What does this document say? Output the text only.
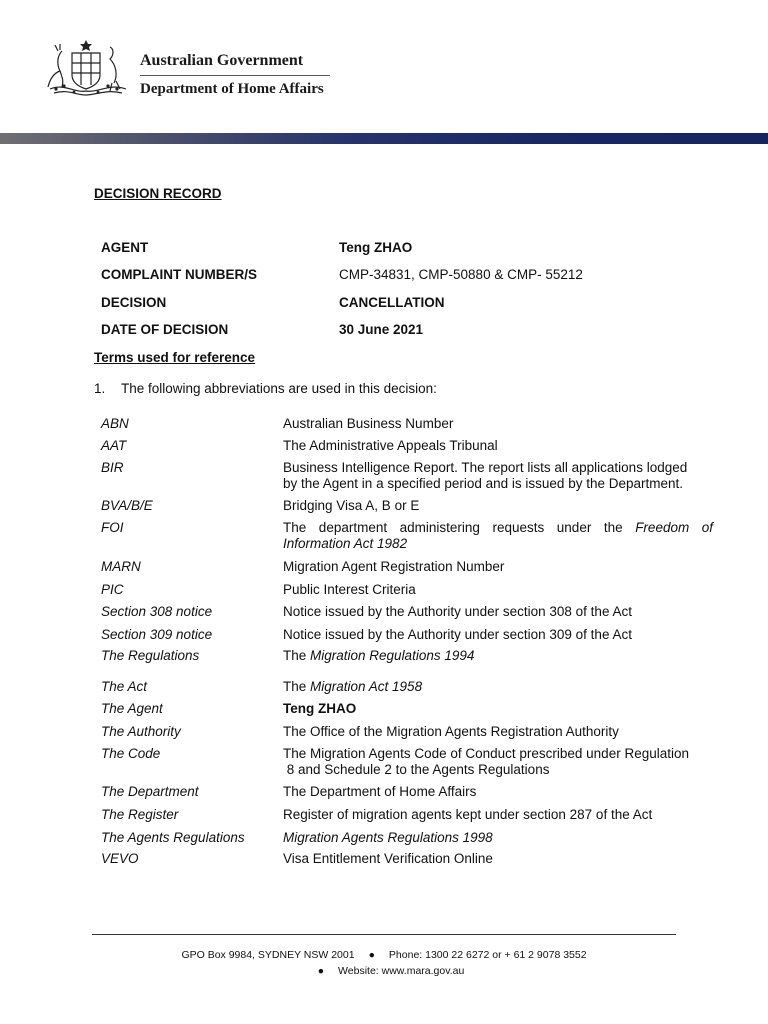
Australian Government
Department of Home Affairs
DECISION RECORD
AGENT	Teng ZHAO
COMPLAINT NUMBER/S	CMP-34831, CMP-50880 & CMP- 55212
DECISION	CANCELLATION
DATE OF DECISION	30 June 2021
Terms used for reference
1. The following abbreviations are used in this decision:
ABN	Australian Business Number
AAT	The Administrative Appeals Tribunal
BIR	Business Intelligence Report. The report lists all applications lodged
by the Agent in a specified period and is issued by the Department.
BVA/B/E	Bridging Visa A, B or E
FOI	The department administering requests under the Freedom of
Information Act 1982
MARN	Migration Agent Registration Number
PIC	Public Interest Criteria
Section 308 notice	Notice issued by the Authority under section 308 of the Act
Section 309 notice	Notice issued by the Authority under section 309 of the Act
The Regulations	The Migration Regulations 1994
The Act	The Migration Act 1958
The Agent	Teng ZHAO
The Authority	The Office of the Migration Agents Registration Authority
The Code	The Migration Agents Code of Conduct prescribed under Regulation
8 and Schedule 2 to the Agents Regulations
The Department	The Department of Home Affairs
The Register	Register of migration agents kept under section 287 of the Act
The Agents Regulations	Migration Agents Regulations 1998
VEVO	Visa Entitlement Verification Online
GPO Box 9984, SYDNEY NSW 2001 ● Phone: 1300 22 6272 or + 61 2 9078 3552
● Website: www.mara.gov.au
